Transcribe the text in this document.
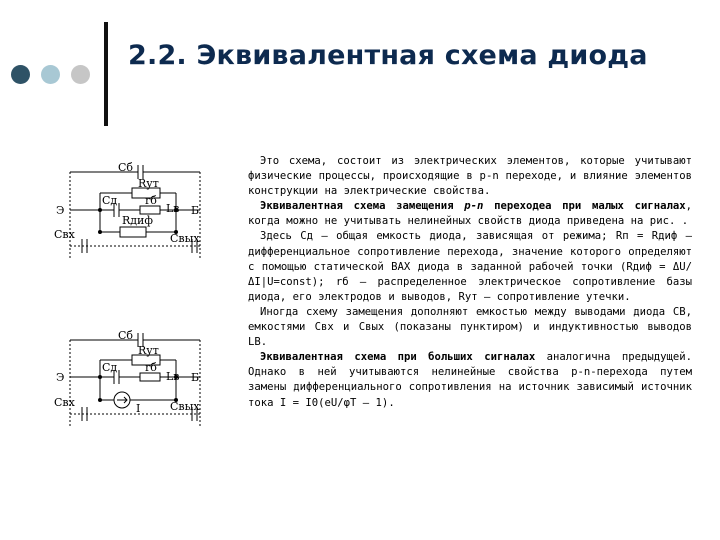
2.2. Эквивалентная схема диода
Сб
Rут
Сд	rб
Lв Б
Э
Свх
Rдиф
Свых
Сб
Rут
Сд	rб
Lв Б
Э
Свх	Свых
I

Это схема, состоит из электрических элементов, которые учитывают физические процессы, происходящие в p-n переходе, и влияние элементов конструкции на электрические свойства.

Эквивалентная схема замещения p-n переходеа при малых сигналах, когда можно не учитывать нелинейных свойств диода приведена на рис. .

Здесь Сд — общая емкость диода, зависящая от режима; Rп = Rдиф — дифференциальное сопротивление перехода, значение которого определяют с помощью статической ВАХ диода в заданной рабочей точки (Rдиф = ΔU/ΔI|U=const); rб — распределенное электрическое сопротивление базы диода, его электродов и выводов, Rут – сопротивление утечки.

Иногда схему замещения дополняют емкостью между выводами диода СВ, емкостями Свх и Свых (показаны пунктиром) и индуктивностью выводов LВ.

Эквивалентная схема при больших сигналах аналогична предыдущей. Однако в ней учитываются нелинейные свойства p-n-перехода путем замены дифференциального сопротивления на источник зависимый источник тока I = I0(eU/φT – 1).
